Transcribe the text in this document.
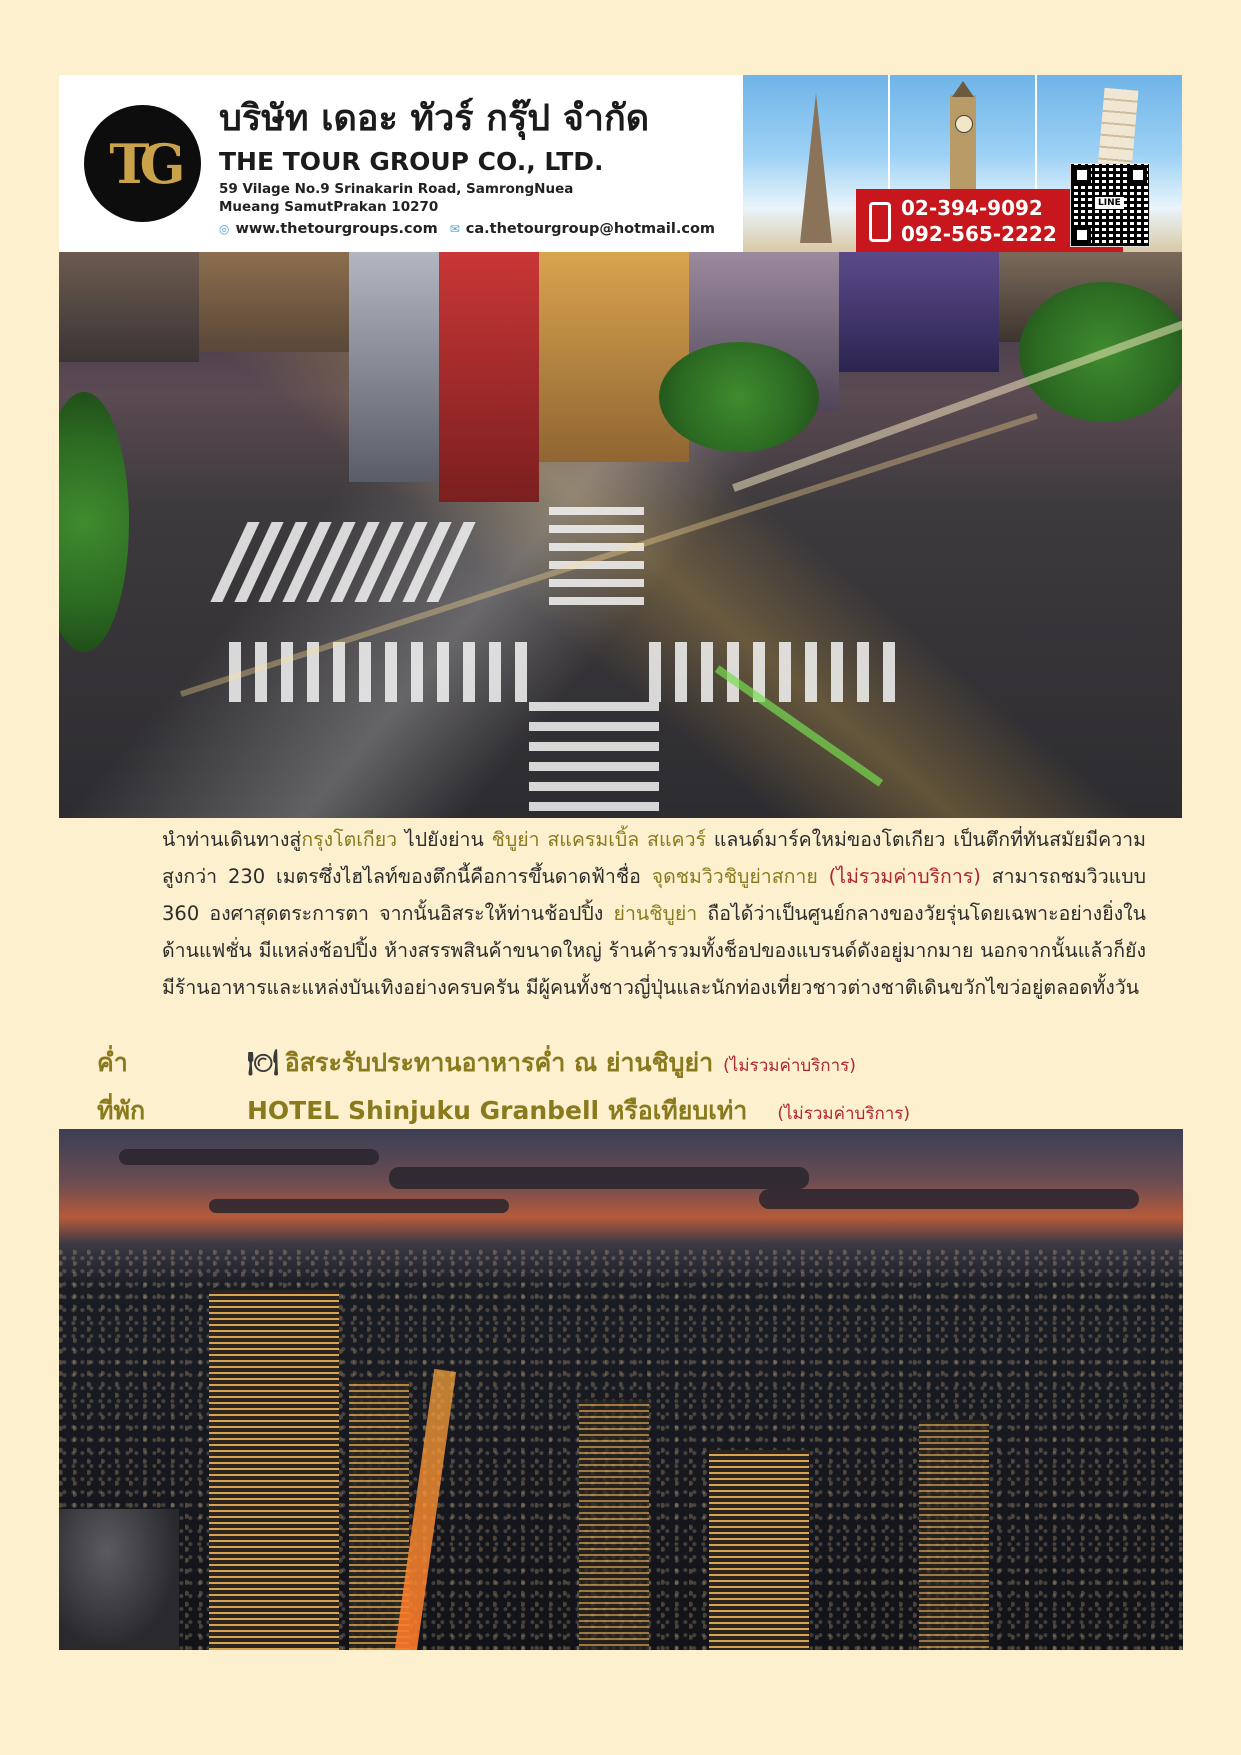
TG
บริษัท เดอะ ทัวร์ กรุ๊ป จำกัด
THE TOUR GROUP CO., LTD.
59 Vilage No.9 Srinakarin Road, SamrongNuea
Mueang SamutPrakan 10270
◎ www.thetourgroups.com ✉ ca.thetourgroup@hotmail.com
02-394-9092
092-565-2222
LINE
นำท่านเดินทางสู่กรุงโตเกียว ไปยังย่าน ชิบูย่า สแครมเบิ้ล สแควร์ แลนด์มาร์คใหม่ของโตเกียว เป็นตึกที่ทันสมัยมีความสูงกว่า 230 เมตรซึ่งไฮไลท์ของตึกนี้คือการขึ้นดาดฟ้าชื่อ จุดชมวิวชิบูย่าสกาย (ไม่รวมค่าบริการ) สามารถชมวิวแบบ 360 องศาสุดตระการตา จากนั้นอิสระให้ท่านช้อปปิ้ง ย่านชิบูย่า ถือได้ว่าเป็นศูนย์กลางของวัยรุ่นโดยเฉพาะอย่างยิ่งในด้านแฟชั่น มีแหล่งช้อปปิ้ง ห้างสรรพสินค้าขนาดใหญ่ ร้านค้ารวมทั้งช็อปของแบรนด์ดังอยู่มากมาย นอกจากนั้นแล้วก็ยังมีร้านอาหารและแหล่งบันเทิงอย่างครบครัน มีผู้คนทั้งชาวญี่ปุ่นและนักท่องเที่ยวชาวต่างชาติเดินขวักไขว่อยู่ตลอดทั้งวัน
ค่ำ	🍽 อิสระรับประทานอาหารค่ำ ณ ย่านชิบูย่า (ไม่รวมค่าบริการ)
ที่พัก	HOTEL Shinjuku Granbell หรือเทียบเท่า (ไม่รวมค่าบริการ)
